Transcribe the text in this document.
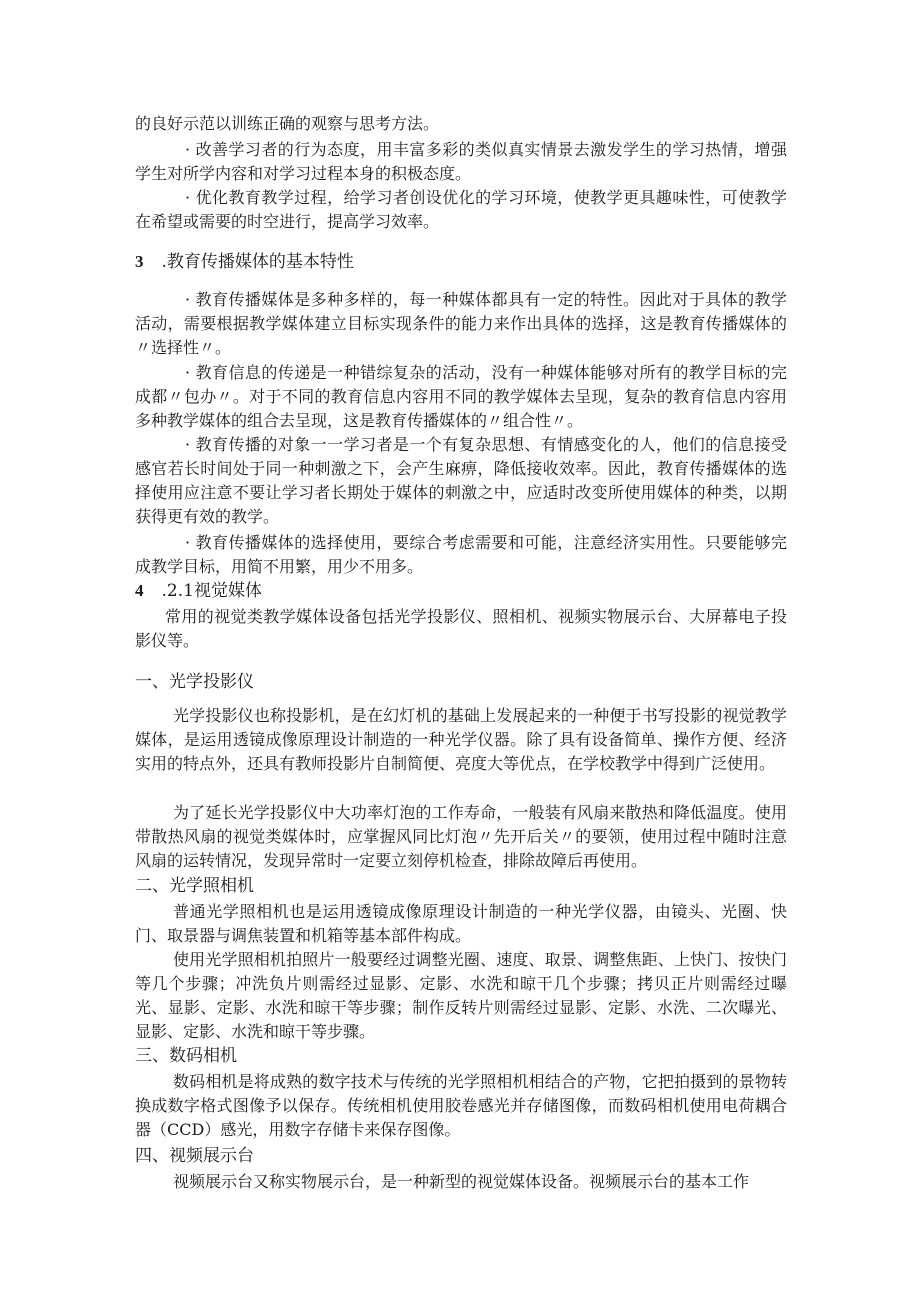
的良好示范以训练正确的观察与思考方法。

· 改善学习者的行为态度，用丰富多彩的类似真实情景去激发学生的学习热情，增强学生对所学内容和对学习过程本身的积极态度。

· 优化教育教学过程，给学习者创设优化的学习环境，使教学更具趣味性，可使教学在希望或需要的时空进行，提高学习效率。

3 .教育传播媒体的基本特性

· 教育传播媒体是多种多样的，每一种媒体都具有一定的特性。因此对于具体的教学活动，需要根据教学媒体建立目标实现条件的能力来作出具体的选择，这是教育传播媒体的〃选择性〃。

· 教育信息的传递是一种错综复杂的活动，没有一种媒体能够对所有的教学目标的完成都〃包办〃。对于不同的教育信息内容用不同的教学媒体去呈现，复杂的教育信息内容用多种教学媒体的组合去呈现，这是教育传播媒体的〃组合性〃。

· 教育传播的对象一一学习者是一个有复杂思想、有情感变化的人，他们的信息接受感官若长时间处于同一种刺激之下，会产生麻痹，降低接收效率。因此，教育传播媒体的选择使用应注意不要让学习者长期处于媒体的刺激之中，应适时改变所使用媒体的种类，以期获得更有效的教学。

· 教育传播媒体的选择使用，要综合考虑需要和可能，注意经济实用性。只要能够完成教学目标，用简不用繁，用少不用多。

4 .2.1视觉媒体

常用的视觉类教学媒体设备包括光学投影仪、照相机、视频实物展示台、大屏幕电子投影仪等。

一、光学投影仪

光学投影仪也称投影机，是在幻灯机的基础上发展起来的一种便于书写投影的视觉教学媒体，是运用透镜成像原理设计制造的一种光学仪器。除了具有设备简单、操作方便、经济实用的特点外，还具有教师投影片自制简便、亮度大等优点，在学校教学中得到广泛使用。

为了延长光学投影仪中大功率灯泡的工作寿命，一般装有风扇来散热和降低温度。使用带散热风扇的视觉类媒体时，应掌握风同比灯泡〃先开后关〃的要领，使用过程中随时注意风扇的运转情况，发现异常时一定要立刻停机检查，排除故障后再使用。

二、光学照相机

普通光学照相机也是运用透镜成像原理设计制造的一种光学仪器，由镜头、光圈、快门、取景器与调焦装置和机箱等基本部件构成。

使用光学照相机拍照片一般要经过调整光圈、速度、取景、调整焦距、上快门、按快门等几个步骤；冲洗负片则需经过显影、定影、水洗和晾干几个步骤；拷贝正片则需经过曝光、显影、定影、水洗和晾干等步骤；制作反转片则需经过显影、定影、水洗、二次曝光、显影、定影、水洗和晾干等步骤。

三、数码相机

数码相机是将成熟的数字技术与传统的光学照相机相结合的产物，它把拍摄到的景物转换成数字格式图像予以保存。传统相机使用胶卷感光并存储图像，而数码相机使用电荷耦合器（CCD）感光，用数字存储卡来保存图像。

四、视频展示台

视频展示台又称实物展示台，是一种新型的视觉媒体设备。视频展示台的基本工作
